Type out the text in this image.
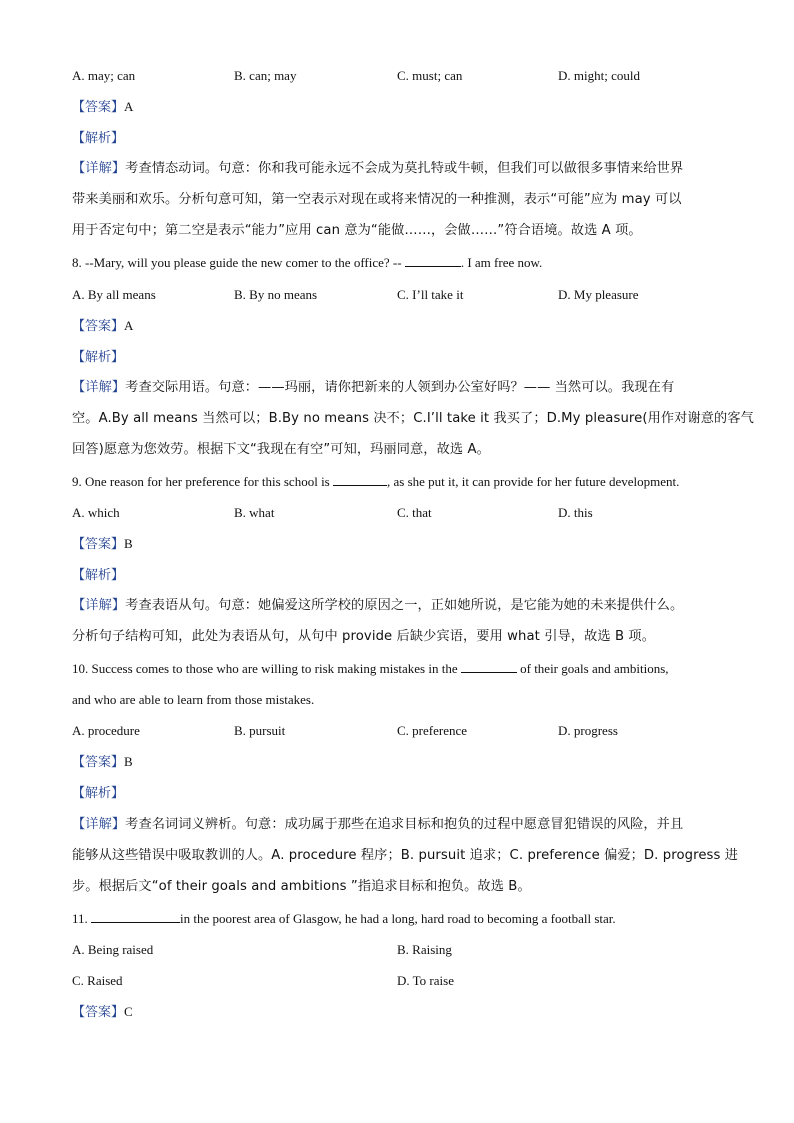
A. may; can	B. can; may	C. must; can	D. might; could
【答案】A
【解析】
【详解】考查情态动词。句意：你和我可能永远不会成为莫扎特或牛顿，但我们可以做很多事情来给世界
带来美丽和欢乐。分析句意可知，第一空表示对现在或将来情况的一种推测，表示“可能”应为 may 可以
用于否定句中；第二空是表示“能力”应用 can 意为“能做……，会做……”符合语境。故选 A 项。
8. --Mary, will you please guide the new comer to the office? --	. I am free now.
A. By all means	B. By no means	C. I’ll take it	D. My pleasure
【答案】A
【解析】
【详解】考查交际用语。句意：——玛丽，请你把新来的人领到办公室好吗？—— 当然可以。我现在有
空。A.By all means 当然可以；B.By no means 决不；C.I’ll take it 我买了；D.My pleasure(用作对谢意的客气
回答)愿意为您效劳。根据下文“我现在有空”可知，玛丽同意，故选 A。
9. One reason for her preference for this school is	, as she put it, it can provide for her future development.
A. which	B. what	C. that	D. this
【答案】B
【解析】
【详解】考查表语从句。句意：她偏爱这所学校的原因之一，正如她所说，是它能为她的未来提供什么。
分析句子结构可知，此处为表语从句，从句中 provide 后缺少宾语，要用 what 引导，故选 B 项。
10. Success comes to those who are willing to risk making mistakes in the	of their goals and ambitions,
and who are able to learn from those mistakes.
A. procedure	B. pursuit	C. preference	D. progress
【答案】B
【解析】
【详解】考查名词词义辨析。句意：成功属于那些在追求目标和抱负的过程中愿意冒犯错误的风险，并且
能够从这些错误中吸取教训的人。A. procedure 程序；B. pursuit 追求；C. preference 偏爱；D. progress 进
步。根据后文“of their goals and ambitions ”指追求目标和抱负。故选 B。
11.	in the poorest area of Glasgow, he had a long, hard road to becoming a football star.
A. Being raised	B. Raising
C. Raised	D. To raise
【答案】C
